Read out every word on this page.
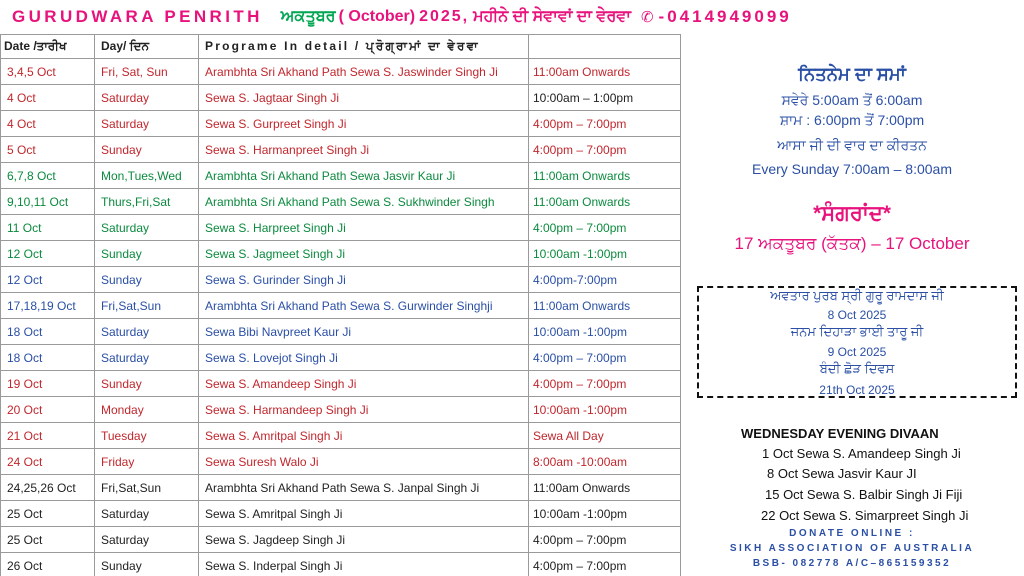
GURUDWARA PENRITH ਅਕਤੂਬਰ ( October) 2025, ਮਹੀਨੇ ਦੀ ਸੇਵਾਵਾਂ ਦਾ ਵੇਰਵਾ ✆ -0414949099
Date /ਤਾਰੀਖ	Day/ ਦਿਨ	Programe In detail / ਪ੍ਰੋਗ੍ਰਾਮਾਂ ਦਾ ਵੇਰਵਾ	
3,4,5 Oct	Fri, Sat, Sun	Arambhta Sri Akhand Path Sewa S. Jaswinder Singh Ji	11:00am Onwards
4 Oct	Saturday	Sewa S. Jagtaar Singh Ji	10:00am – 1:00pm
4 Oct	Saturday	Sewa S. Gurpreet Singh Ji	4:00pm – 7:00pm
5 Oct	Sunday	Sewa S. Harmanpreet Singh Ji	4:00pm – 7:00pm
6,7,8 Oct	Mon,Tues,Wed	Arambhta Sri Akhand Path Sewa Jasvir Kaur Ji	11:00am Onwards
9,10,11 Oct	Thurs,Fri,Sat	Arambhta Sri Akhand Path Sewa S. Sukhwinder Singh	11:00am Onwards
11 Oct	Saturday	Sewa S. Harpreet Singh Ji	4:00pm – 7:00pm
12 Oct	Sunday	Sewa S. Jagmeet Singh Ji	10:00am -1:00pm
12 Oct	Sunday	Sewa S. Gurinder Singh Ji	4:00pm-7:00pm
17,18,19 Oct	Fri,Sat,Sun	Arambhta Sri Akhand Path Sewa S. Gurwinder Singhji	11:00am Onwards
18 Oct	Saturday	Sewa Bibi Navpreet Kaur Ji	10:00am -1:00pm
18 Oct	Saturday	Sewa S. Lovejot Singh Ji	4:00pm – 7:00pm
19 Oct	Sunday	Sewa S. Amandeep Singh Ji	4:00pm – 7:00pm
20 Oct	Monday	Sewa S. Harmandeep Singh Ji	10:00am -1:00pm
21 Oct	Tuesday	Sewa S. Amritpal Singh Ji	Sewa All Day
24 Oct	Friday	Sewa Suresh Walo Ji	8:00am -10:00am
24,25,26 Oct	Fri,Sat,Sun	Arambhta Sri Akhand Path Sewa S. Janpal Singh Ji	11:00am Onwards
25 Oct	Saturday	Sewa S. Amritpal Singh Ji	10:00am -1:00pm
25 Oct	Saturday	Sewa S. Jagdeep Singh Ji	4:00pm – 7:00pm
26 Oct	Sunday	Sewa S. Inderpal Singh Ji	4:00pm – 7:00pm
ਨਿਤਨੇਮ ਦਾ ਸਮਾਂ
ਸਵੇਰੇ 5:00am ਤੋਂ 6:00am
ਸ਼ਾਮ : 6:00pm ਤੋਂ 7:00pm
ਆਸਾ ਜੀ ਦੀ ਵਾਰ ਦਾ ਕੀਰਤਨ
Every Sunday 7:00am – 8:00am
*ਸੰਗਰਾਂਦ*
17 ਅਕਤੂਬਰ (ਕੱਤਕ) – 17 October
ਅਵਤਾਰ ਪੁਰਬ ਸ੍ਰੀ ਗੁਰੂ ਰਾਮਦਾਸ ਜੀ
8 Oct 2025
ਜਨਮ ਦਿਹਾੜਾ ਭਾਈ ਤਾਰੂ ਜੀ
9 Oct 2025
ਬੰਦੀ ਛੋੜ ਦਿਵਸ
21th Oct 2025
WEDNESDAY EVENING DIVAAN
1 Oct Sewa S. Amandeep Singh Ji
8 Oct Sewa Jasvir Kaur JI
15 Oct Sewa S. Balbir Singh Ji Fiji
22 Oct Sewa S. Simarpreet Singh Ji
DONATE ONLINE :
SIKH ASSOCIATION OF AUSTRALIA
BSB- 082778 A/C–865159352
